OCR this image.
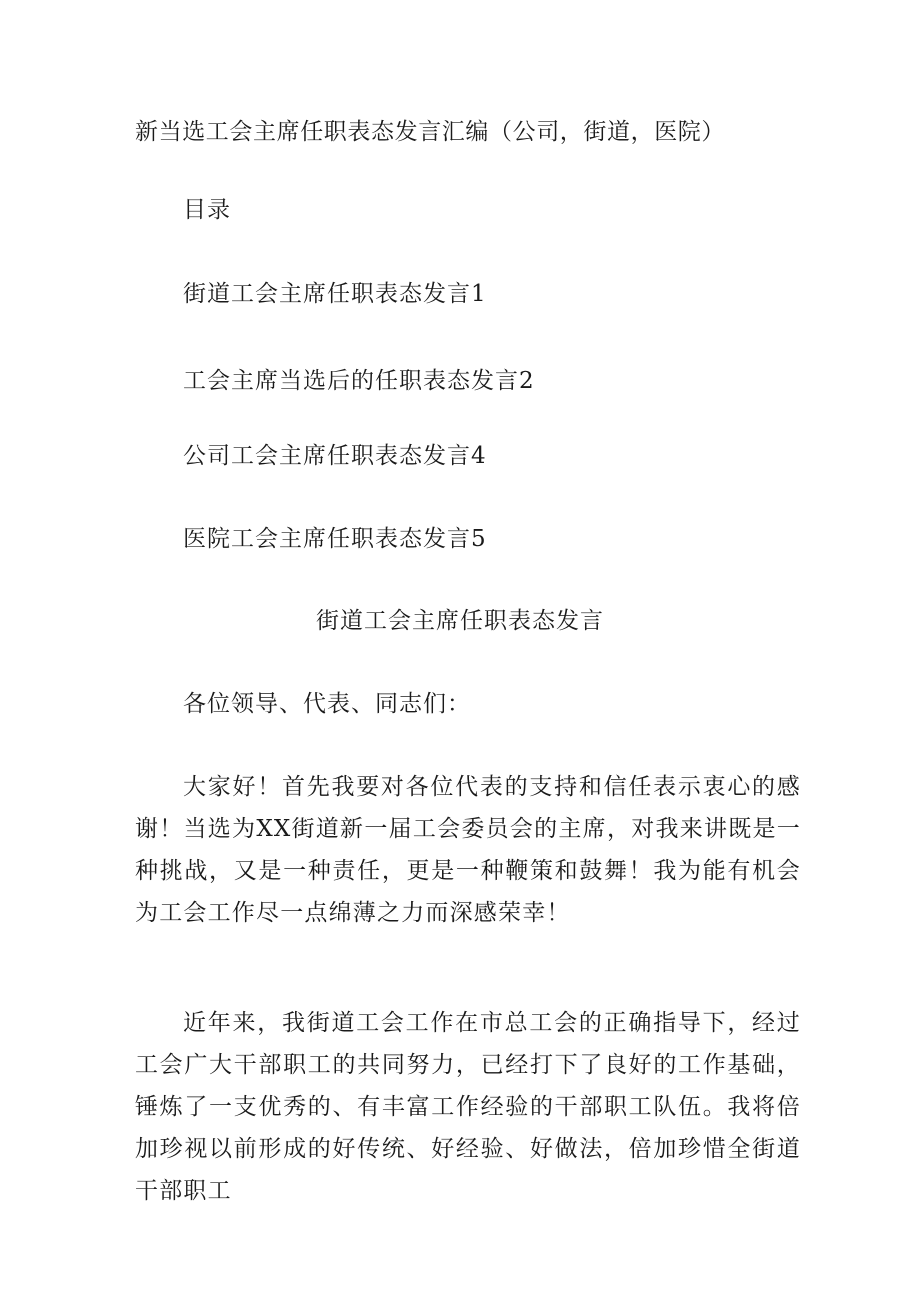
新当选工会主席任职表态发言汇编（公司，街道，医院）
目录
街道工会主席任职表态发言1
工会主席当选后的任职表态发言2
公司工会主席任职表态发言4
医院工会主席任职表态发言5
街道工会主席任职表态发言
各位领导、代表、同志们：

大家好！首先我要对各位代表的支持和信任表示衷心的感谢！当选为XX街道新一届工会委员会的主席，对我来讲既是一种挑战，又是一种责任，更是一种鞭策和鼓舞！我为能有机会为工会工作尽一点绵薄之力而深感荣幸！

近年来，我街道工会工作在市总工会的正确指导下，经过工会广大干部职工的共同努力，已经打下了良好的工作基础，锤炼了一支优秀的、有丰富工作经验的干部职工队伍。我将倍加珍视以前形成的好传统、好经验、好做法，倍加珍惜全街道干部职工
